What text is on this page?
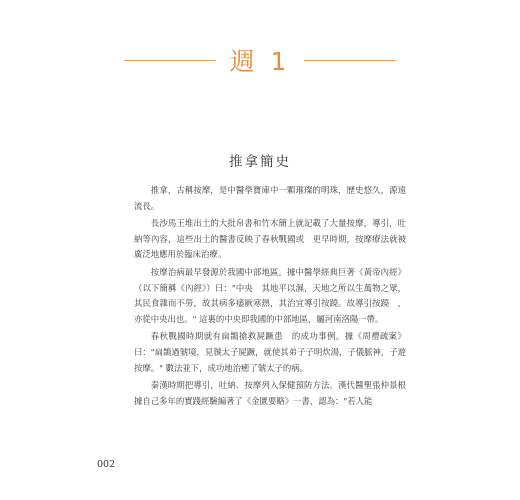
週 1
推拿簡史

推拿，古稱按摩，是中醫學寶庫中一顆璀璨的明珠，歷史悠久，源遠流長。

長沙馬王堆出土的大批帛書和竹木簡上就記載了大量按摩，導引，吐納等內容，這些出土的醫書反映了春秋戰國或　更早時期，按摩療法就被廣泛地應用於臨床治療。

按摩治病最早發源於我國中部地區。據中醫學經典巨著《黃帝內經》（以下簡稱《內經》）曰："中央　其地平以濕，天地之所以生萬物之眾，其民食雜而不勞，故其病多痿厥寒熱，其治宜導引按蹺。故導引按蹺　，亦從中央出也。" 這裏的中央即我國的中部地區，屬河南洛陽一帶。

春秋戰國時期就有扁鵲搶救屍蹶患　的成功事例。據《周禮疏案》曰："扁鵲過虢境，見虢太子屍蹶，就使其弟子子明炊湯，子儀脈神，子遊按摩。" 數法並下，成功地治癒了虢太子的病。

秦漢時期把導引，吐納、按摩列入保健預防方法。漢代醫聖張仲景根據自己多年的實踐經驗編著了《金匱要略》一書，認為："若人能

002
